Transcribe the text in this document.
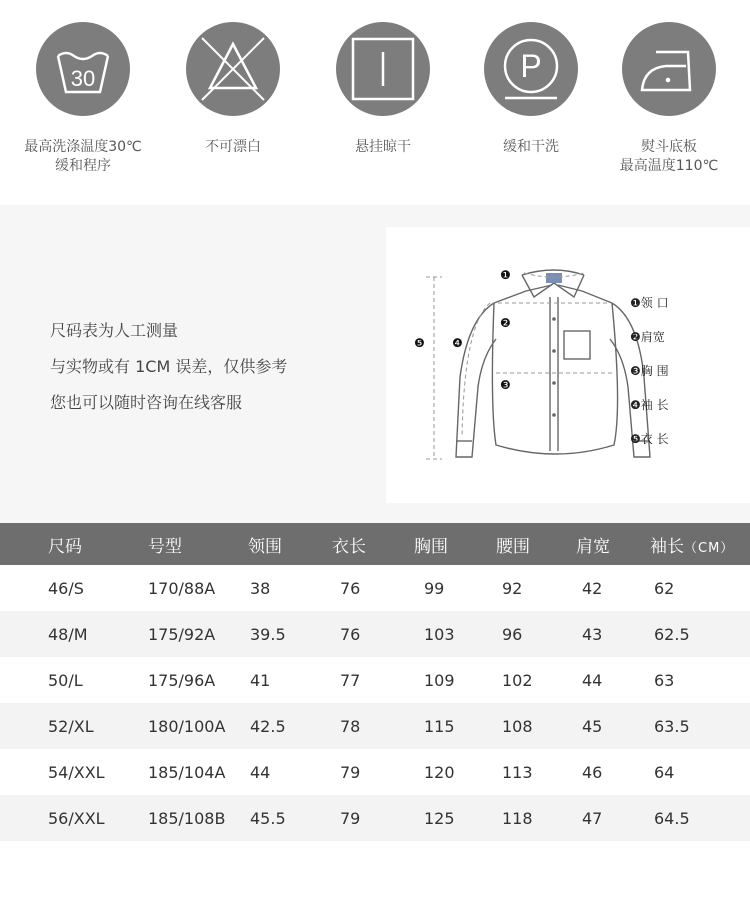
30
最高洗涤温度30℃
缓和程序
不可漂白	悬挂晾干
P
缓和干洗	熨斗底板
最高温度110℃
尺码表为人工测量
与实物或有 1CM 误差，仅供参考
您也可以随时咨询在线客服
❶
❷
❸
❹
❺
❶领 口
❷肩宽
❸胸 围
❹袖 长
❺衣 长
尺码	号型	领围	衣长	胸围	腰围	肩宽	袖长（CM）
46/S	170/88A	38	76	99	92	42	62
48/M	175/92A	39.5	76	103	96	43	62.5
50/L	175/96A	41	77	109	102	44	63
52/XL	180/100A	42.5	78	115	108	45	63.5
54/XXL	185/104A	44	79	120	113	46	64
56/XXL	185/108B	45.5	79	125	118	47	64.5
